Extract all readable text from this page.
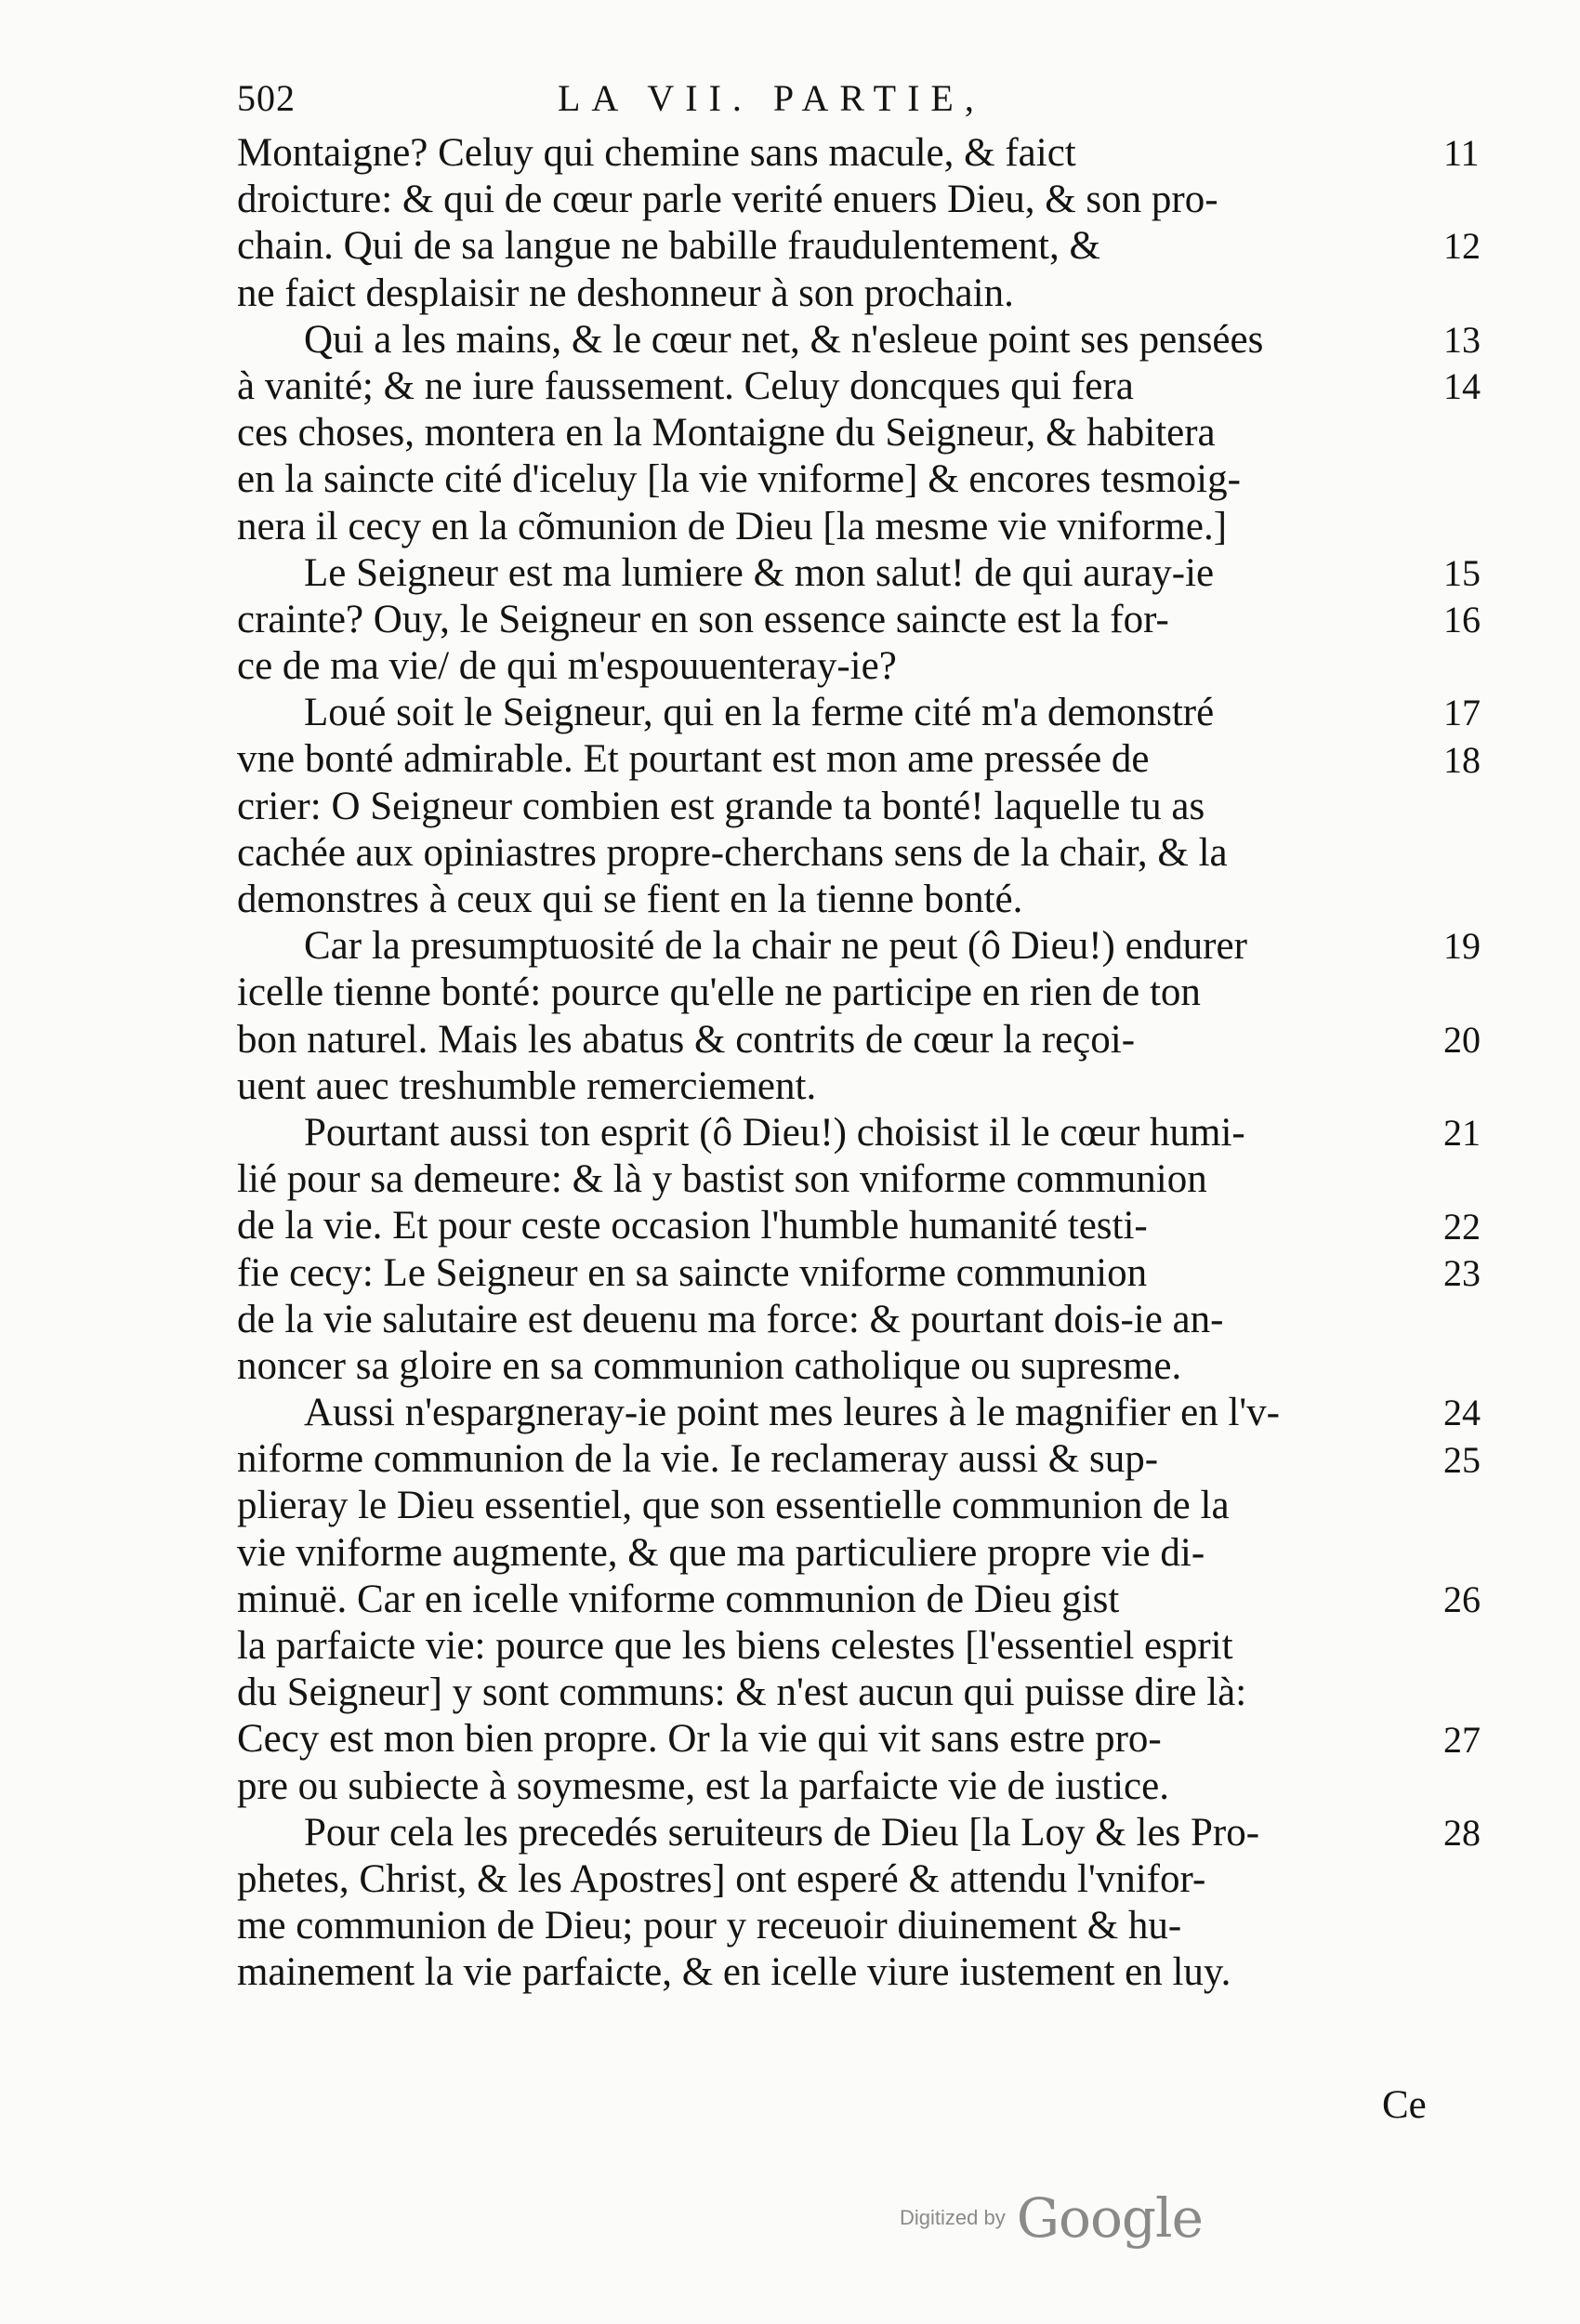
502	LA VII. PARTIE,
Montaigne? Celuy qui chemine sans macule, & faict
droicture: & qui de cœur parle verité enuers Dieu, & son pro-
chain. Qui de sa langue ne babille fraudulentement, &
ne faict desplaisir ne deshonneur à son prochain.
Qui a les mains, & le cœur net, & n'esleue point ses pensées
à vanité; & ne iure faussement. Celuy doncques qui fera
ces choses, montera en la Montaigne du Seigneur, & habitera
en la saincte cité d'iceluy [la vie vniforme] & encores tesmoig-
nera il cecy en la cõmunion de Dieu [la mesme vie vniforme.]
Le Seigneur est ma lumiere & mon salut! de qui auray-ie
crainte? Ouy, le Seigneur en son essence saincte est la for-
ce de ma vie/ de qui m'espouuenteray-ie?
Loué soit le Seigneur, qui en la ferme cité m'a demonstré
vne bonté admirable. Et pourtant est mon ame pressée de
crier: O Seigneur combien est grande ta bonté! laquelle tu as
cachée aux opiniastres propre-cherchans sens de la chair, & la
demonstres à ceux qui se fient en la tienne bonté.
Car la presumptuosité de la chair ne peut (ô Dieu!) endurer
icelle tienne bonté: pource qu'elle ne participe en rien de ton
bon naturel. Mais les abatus & contrits de cœur la reçoi-
uent auec treshumble remerciement.
Pourtant aussi ton esprit (ô Dieu!) choisist il le cœur humi-
lié pour sa demeure: & là y bastist son vniforme communion
de la vie. Et pour ceste occasion l'humble humanité testi-
fie cecy: Le Seigneur en sa saincte vniforme communion
de la vie salutaire est deuenu ma force: & pourtant dois-ie an-
noncer sa gloire en sa communion catholique ou supresme.
Aussi n'espargneray-ie point mes leures à le magnifier en l'v-
niforme communion de la vie. Ie reclameray aussi & sup-
plieray le Dieu essentiel, que son essentielle communion de la
vie vniforme augmente, & que ma particuliere propre vie di-
minuë. Car en icelle vniforme communion de Dieu gist
la parfaicte vie: pource que les biens celestes [l'essentiel esprit
du Seigneur] y sont communs: & n'est aucun qui puisse dire là:
Cecy est mon bien propre. Or la vie qui vit sans estre pro-
pre ou subiecte à soymesme, est la parfaicte vie de iustice.
Pour cela les precedés seruiteurs de Dieu [la Loy & les Pro-
phetes, Christ, & les Apostres] ont esperé & attendu l'vnifor-
me communion de Dieu; pour y receuoir diuinement & hu-
mainement la vie parfaicte, & en icelle viure iustement en luy.
11
12
13
14
15
16
17
18
19
20
21
22
23
24
25
26
27
28
Ce
Digitized by Google
